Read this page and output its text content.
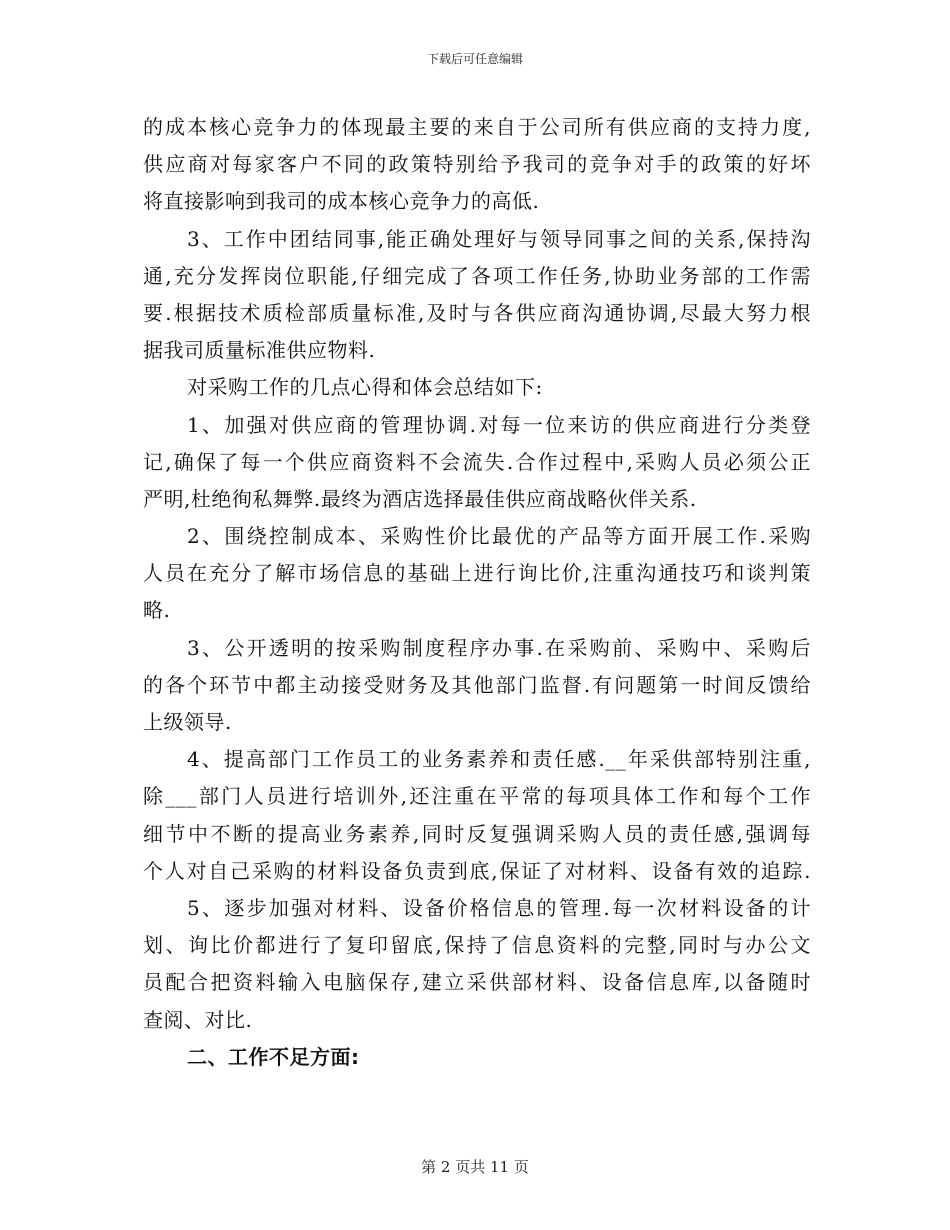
下载后可任意编辑
的成本核心竞争力的体现最主要的来自于公司所有供应商的支持力度,
供应商对每家客户不同的政策特别给予我司的竞争对手的政策的好坏
将直接影响到我司的成本核心竞争力的高低.
3、工作中团结同事,能正确处理好与领导同事之间的关系,保持沟
通,充分发挥岗位职能,仔细完成了各项工作任务,协助业务部的工作需
要.根据技术质检部质量标准,及时与各供应商沟通协调,尽最大努力根
据我司质量标准供应物料.
对采购工作的几点心得和体会总结如下:
1、加强对供应商的管理协调.对每一位来访的供应商进行分类登
记,确保了每一个供应商资料不会流失.合作过程中,采购人员必须公正
严明,杜绝徇私舞弊.最终为酒店选择最佳供应商战略伙伴关系.
2、围绕控制成本、采购性价比最优的产品等方面开展工作.采购
人员在充分了解市场信息的基础上进行询比价,注重沟通技巧和谈判策
略.
3、公开透明的按采购制度程序办事.在采购前、采购中、采购后
的各个环节中都主动接受财务及其他部门监督.有问题第一时间反馈给
上级领导.
4、提高部门工作员工的业务素养和责任感.__年采供部特别注重,
除___部门人员进行培训外,还注重在平常的每项具体工作和每个工作
细节中不断的提高业务素养,同时反复强调采购人员的责任感,强调每
个人对自己采购的材料设备负责到底,保证了对材料、设备有效的追踪.
5、逐步加强对材料、设备价格信息的管理.每一次材料设备的计
划、询比价都进行了复印留底,保持了信息资料的完整,同时与办公文
员配合把资料输入电脑保存,建立采供部材料、设备信息库,以备随时
查阅、对比.
二、工作不足方面:
第 2 页共 11 页
